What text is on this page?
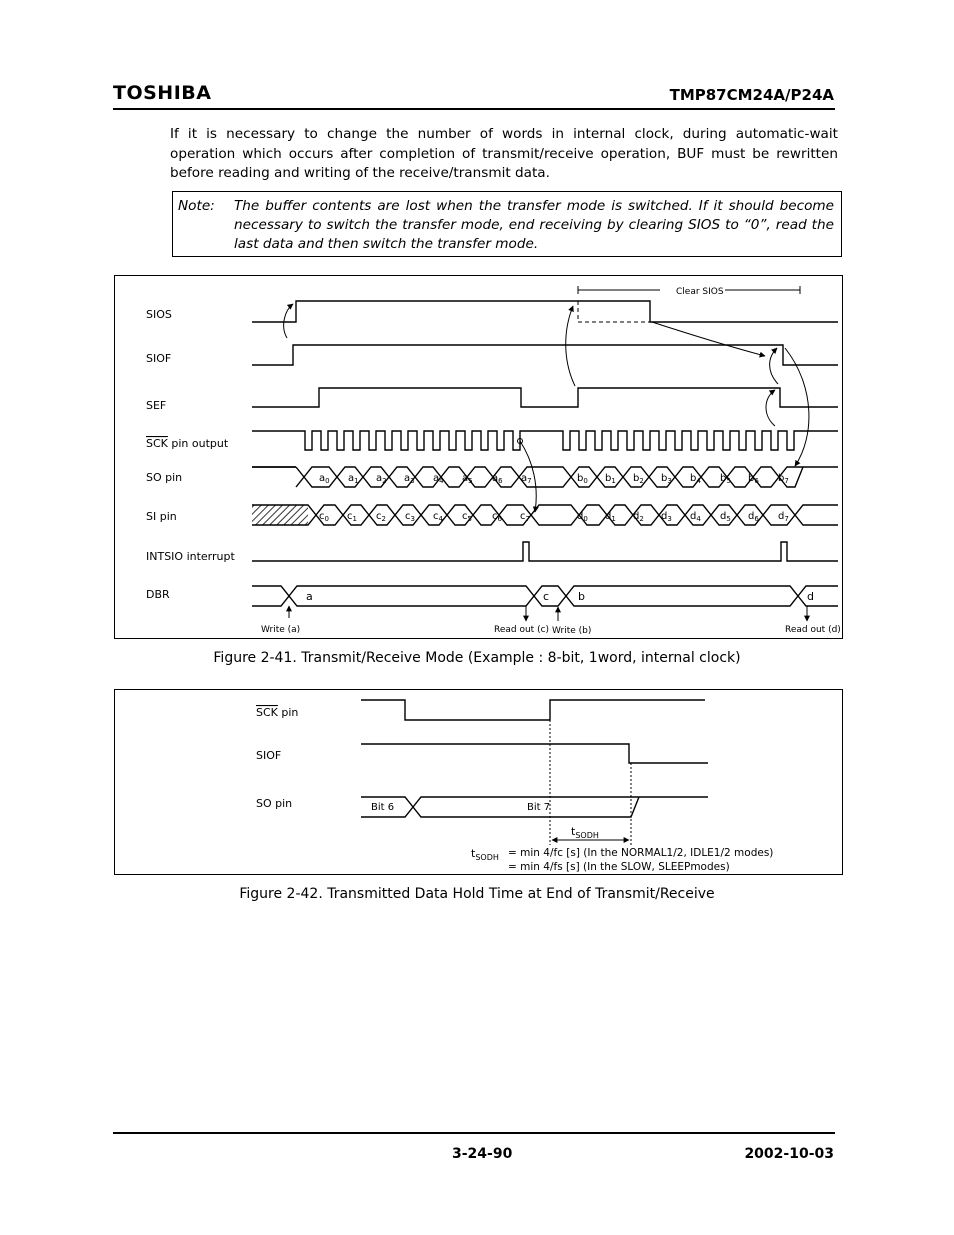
TOSHIBA	TMP87CM24A/P24A
If it is necessary to change the number of words in internal clock, during automatic-wait operation which occurs after completion of transmit/receive operation, BUF must be rewritten before reading and writing of the receive/transmit data.
Note: The buffer contents are lost when the transfer mode is switched. If it should become necessary to switch the transfer mode, end receiving by clearing SIOS to “0”, read the last data and then switch the transfer mode.
SIOS
SIOF
SEF
SCK pin output
SO pin
SI pin
INTSIO interrupt
DBR
Clear SIOS
$a_0$ $a_1$ $a_2$ $a_3$ $a_4$ $a_5$ $a_6$ $a_7$	$b_0$ $b_1$ $b_2$ $b_3$ $b_4$ $b_5$ $b_6$ $b_7$
$c_0$ $c_1$ $c_2$ $c_3$ $c_4$ $c_5$ $c_6$ $c_7$	$d_0$ $d_1$ $d_2$ $d_3$ $d_4$ $d_5$ $d_6$ $d_7$
a	c	b	d
Write (a)	Read out (c) Write (b)	Read out (d)
Figure 2-41. Transmit/Receive Mode (Example : 8-bit, 1word, internal clock)
SCK pin
SIOF
SO pin	Bit 6	Bit 7
$t_{SODH}$
$t_{SODH} = \min 4/fc$ [s] (In the NORMAL1/2, IDLE1/2 modes)
= min 4/fs [s] (In the SLOW, SLEEPmodes)
Figure 2-42. Transmitted Data Hold Time at End of Transmit/Receive
3-24-90	2002-10-03
